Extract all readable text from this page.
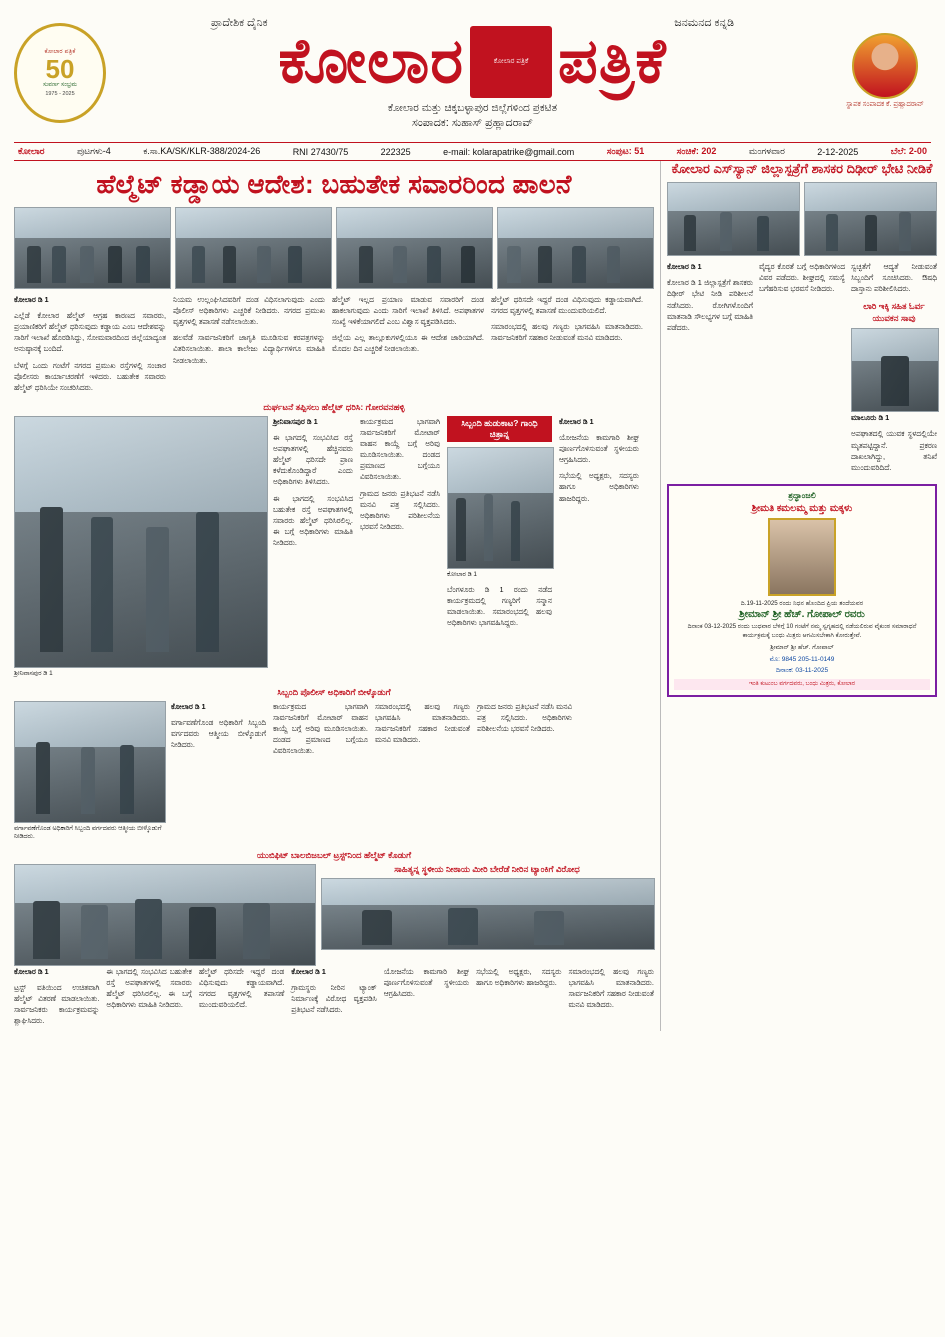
ಕೋಲಾರ ಪತ್ರಿಕೆ
50
ಸುವರ್ಣ ಸಂಭ್ರಮ
1975 - 2025
ಪ್ರಾದೇಶಿಕ ದೈನಿಕ	ಜನಮನದ ಕನ್ನಡಿ
ಕೋಲಾರ	ಕೋಲಾರ ಪತ್ರಿಕೆ ಪತ್ರಿಕೆ
ಕೋಲಾರ ಮತ್ತು ಚಿಕ್ಕಬಳ್ಳಾಪುರ ಜಿಲ್ಲೆಗಳಿಂದ ಪ್ರಕಟಿತ
ಸಂಪಾದಕ: ಸುಹಾಸ್ ಪ್ರಹ್ಲಾದರಾವ್
ಸ್ಥಾಪಕ ಸಂಪಾದಕ ಕೆ. ಪ್ರಹ್ಲಾದರಾವ್
ಕೋಲಾರ	ಪುಟಗಳು-4	ಕ.ಸಾ.KA/SK/KLR-388/2024-26	RNI 27430/75	222325	e-mail: kolarapatrike@gmail.com	ಸಂಪುಟ: 51	ಸಂಚಿಕೆ: 202	ಮಂಗಳವಾರ	2-12-2025	ಬೆಲೆ: 2-00
ಹೆಲ್ಮೆಟ್ ಕಡ್ಡಾಯ ಆದೇಶ: ಬಹುತೇಕ ಸವಾರರಿಂದ ಪಾಲನೆ

ಕೋಲಾರ ಡಿ 1

ಎಲ್ಲೆಡೆ ಕೋಲಾರ ಹೆಲ್ಮೆಟ್ ಆಗ್ರಹ ಕಾರಣದ ಸವಾರರು, ಪ್ರಯಾಣಿಕರಿಗೆ ಹೆಲ್ಮೆಟ್ ಧರಿಸುವುದು ಕಡ್ಡಾಯ ಎಂಬ ಆದೇಶವನ್ನು ಸಾರಿಗೆ ಇಲಾಖೆ ಹೊರಡಿಸಿದ್ದು, ಸೋಮವಾರದಿಂದ ಜಿಲ್ಲೆಯಾದ್ಯಂತ ಅನುಷ್ಠಾನಕ್ಕೆ ಬಂದಿದೆ.

ಬೆಳಗ್ಗೆ ಒಂದು ಗಂಟೆಗೆ ನಗರದ ಪ್ರಮುಖ ರಸ್ತೆಗಳಲ್ಲಿ ಸಂಚಾರ ಪೊಲೀಸರು ಕಾರ್ಯಾಚರಣೆಗೆ ಇಳಿದರು. ಬಹುತೇಕ ಸವಾರರು ಹೆಲ್ಮೆಟ್ ಧರಿಸಿಯೇ ಸಂಚರಿಸಿದರು.

ನಿಯಮ ಉಲ್ಲಂಘಿಸಿದವರಿಗೆ ದಂಡ ವಿಧಿಸಲಾಗುವುದು ಎಂದು ಪೊಲೀಸ್ ಅಧಿಕಾರಿಗಳು ಎಚ್ಚರಿಕೆ ನೀಡಿದರು. ನಗರದ ಪ್ರಮುಖ ವೃತ್ತಗಳಲ್ಲಿ ತಪಾಸಣೆ ನಡೆಸಲಾಯಿತು.

ಹಲವೆಡೆ ಸಾರ್ವಜನಿಕರಿಗೆ ಜಾಗೃತಿ ಮೂಡಿಸುವ ಕರಪತ್ರಗಳನ್ನು ವಿತರಿಸಲಾಯಿತು. ಶಾಲಾ ಕಾಲೇಜು ವಿದ್ಯಾರ್ಥಿಗಳಿಗೂ ಮಾಹಿತಿ ನೀಡಲಾಯಿತು.

ಹೆಲ್ಮೆಟ್ ಇಲ್ಲದ ಪ್ರಯಾಣ ಮಾಡುವ ಸವಾರರಿಗೆ ದಂಡ ಹಾಕಲಾಗುವುದು ಎಂದು ಸಾರಿಗೆ ಇಲಾಖೆ ತಿಳಿಸಿದೆ. ಅಪಘಾತಗಳ ಸಂಖ್ಯೆ ಇಳಿಕೆಯಾಗಲಿದೆ ಎಂಬ ವಿಶ್ವಾಸ ವ್ಯಕ್ತಪಡಿಸಿದರು.

ಜಿಲ್ಲೆಯ ಎಲ್ಲ ತಾಲ್ಲೂಕುಗಳಲ್ಲಿಯೂ ಈ ಆದೇಶ ಜಾರಿಯಾಗಿದೆ. ಮೊದಲ ದಿನ ಎಚ್ಚರಿಕೆ ನೀಡಲಾಯಿತು.

ಹೆಲ್ಮೆಟ್ ಧರಿಸದೇ ಇದ್ದರೆ ದಂಡ ವಿಧಿಸುವುದು ಕಡ್ಡಾಯವಾಗಿದೆ. ನಗರದ ವೃತ್ತಗಳಲ್ಲಿ ತಪಾಸಣೆ ಮುಂದುವರಿಯಲಿದೆ.

ಸಮಾರಂಭದಲ್ಲಿ ಹಲವು ಗಣ್ಯರು ಭಾಗವಹಿಸಿ ಮಾತನಾಡಿದರು. ಸಾರ್ವಜನಿಕರಿಗೆ ಸಹಕಾರ ನೀಡುವಂತೆ ಮನವಿ ಮಾಡಿದರು.

ದುರ್ಘಟನೆ ತಪ್ಪಿಸಲು ಹೆಲ್ಮೆಟ್ ಧರಿಸಿ: ಗೋರವನಹಳ್ಳಿ
ಶ್ರೀನಿವಾಸಪುರ ಡಿ 1

ಶ್ರೀನಿವಾಸಪುರ ಡಿ 1

ಈ ಭಾಗದಲ್ಲಿ ಸಂಭವಿಸಿದ ರಸ್ತೆ ಅಪಘಾತಗಳಲ್ಲಿ ಹೆಚ್ಚಿನವರು ಹೆಲ್ಮೆಟ್ ಧರಿಸದೇ ಪ್ರಾಣ ಕಳೆದುಕೊಂಡಿದ್ದಾರೆ ಎಂದು ಅಧಿಕಾರಿಗಳು ತಿಳಿಸಿದರು.

ಈ ಭಾಗದಲ್ಲಿ ಸಂಭವಿಸಿದ ಬಹುತೇಕ ರಸ್ತೆ ಅಪಘಾತಗಳಲ್ಲಿ ಸವಾರರು ಹೆಲ್ಮೆಟ್ ಧರಿಸಿರಲಿಲ್ಲ. ಈ ಬಗ್ಗೆ ಅಧಿಕಾರಿಗಳು ಮಾಹಿತಿ ನೀಡಿದರು.

ಕಾರ್ಯಕ್ರಮದ ಭಾಗವಾಗಿ ಸಾರ್ವಜನಿಕರಿಗೆ ಮೋಟಾರ್ ವಾಹನ ಕಾಯ್ದೆ ಬಗ್ಗೆ ಅರಿವು ಮೂಡಿಸಲಾಯಿತು. ದಂಡದ ಪ್ರಮಾಣದ ಬಗ್ಗೆಯೂ ವಿವರಿಸಲಾಯಿತು.

ಗ್ರಾಮದ ಜನರು ಪ್ರತಿಭಟನೆ ನಡೆಸಿ ಮನವಿ ಪತ್ರ ಸಲ್ಲಿಸಿದರು. ಅಧಿಕಾರಿಗಳು ಪರಿಶೀಲನೆಯ ಭರವಸೆ ನೀಡಿದರು.

ಸಿಬ್ಬಂದಿ ಹುಡುಕಾಟ? ಗಾಂಧಿ ಚಿತ್ರಾನ್ನ
ಕೋಲಾರ ಡಿ 1

ಬೆಂಗಳೂರು ಡಿ 1 ರಂದು ನಡೆದ ಕಾರ್ಯಕ್ರಮದಲ್ಲಿ ಗಣ್ಯರಿಗೆ ಸನ್ಮಾನ ಮಾಡಲಾಯಿತು. ಸಮಾರಂಭದಲ್ಲಿ ಹಲವು ಅಧಿಕಾರಿಗಳು ಭಾಗವಹಿಸಿದ್ದರು.

ಕೋಲಾರ ಡಿ 1

ಯೋಜನೆಯ ಕಾಮಗಾರಿ ಶೀಘ್ರ ಪೂರ್ಣಗೊಳಿಸುವಂತೆ ಸ್ಥಳೀಯರು ಆಗ್ರಹಿಸಿದರು.

ಸಭೆಯಲ್ಲಿ ಅಧ್ಯಕ್ಷರು, ಸದಸ್ಯರು ಹಾಗೂ ಅಧಿಕಾರಿಗಳು ಹಾಜರಿದ್ದರು.

ಸಿಬ್ಬಂದಿ ಪೊಲೀಸ್ ಅಧಿಕಾರಿಗೆ ಬೀಳ್ಕೊಡುಗೆ
ವರ್ಗಾವಣೆಗೊಂಡ ಅಧಿಕಾರಿಗೆ ಸಿಬ್ಬಂದಿ ವರ್ಗದವರು ಆತ್ಮೀಯ ಬೀಳ್ಕೊಡುಗೆ ನೀಡಿದರು.

ಕೋಲಾರ ಡಿ 1

ವರ್ಗಾವಣೆಗೊಂಡ ಅಧಿಕಾರಿಗೆ ಸಿಬ್ಬಂದಿ ವರ್ಗದವರು ಆತ್ಮೀಯ ಬೀಳ್ಕೊಡುಗೆ ನೀಡಿದರು.

ಕಾರ್ಯಕ್ರಮದ ಭಾಗವಾಗಿ ಸಾರ್ವಜನಿಕರಿಗೆ ಮೋಟಾರ್ ವಾಹನ ಕಾಯ್ದೆ ಬಗ್ಗೆ ಅರಿವು ಮೂಡಿಸಲಾಯಿತು. ದಂಡದ ಪ್ರಮಾಣದ ಬಗ್ಗೆಯೂ ವಿವರಿಸಲಾಯಿತು.

ಸಮಾರಂಭದಲ್ಲಿ ಹಲವು ಗಣ್ಯರು ಭಾಗವಹಿಸಿ ಮಾತನಾಡಿದರು. ಸಾರ್ವಜನಿಕರಿಗೆ ಸಹಕಾರ ನೀಡುವಂತೆ ಮನವಿ ಮಾಡಿದರು.

ಗ್ರಾಮದ ಜನರು ಪ್ರತಿಭಟನೆ ನಡೆಸಿ ಮನವಿ ಪತ್ರ ಸಲ್ಲಿಸಿದರು. ಅಧಿಕಾರಿಗಳು ಪರಿಶೀಲನೆಯ ಭರವಸೆ ನೀಡಿದರು.

ಯುಬಿಫಿಟ್ ಬಾಲಬಿಜಬಲ್ ಟ್ರಸ್ಟ್‌ನಿಂದ ಹೆಲ್ಮೆಟ್ ಕೊಡುಗೆ
ಸಾಹಿತ್ಯನ್ನ ಸ್ಥಳೀಯ ನೀಠಾಯ ಮೀರಿ ಬೇರೆಡೆ ನೀರಿನ ಟ್ಯಾಂಕಿಗೆ ವಿರೋಧ

ಕೋಲಾರ ಡಿ 1

ಟ್ರಸ್ಟ್ ವತಿಯಿಂದ ಉಚಿತವಾಗಿ ಹೆಲ್ಮೆಟ್ ವಿತರಣೆ ಮಾಡಲಾಯಿತು. ಸಾರ್ವಜನಿಕರು ಕಾರ್ಯಕ್ರಮವನ್ನು ಶ್ಲಾಘಿಸಿದರು.

ಈ ಭಾಗದಲ್ಲಿ ಸಂಭವಿಸಿದ ಬಹುತೇಕ ರಸ್ತೆ ಅಪಘಾತಗಳಲ್ಲಿ ಸವಾರರು ಹೆಲ್ಮೆಟ್ ಧರಿಸಿರಲಿಲ್ಲ. ಈ ಬಗ್ಗೆ ಅಧಿಕಾರಿಗಳು ಮಾಹಿತಿ ನೀಡಿದರು.

ಹೆಲ್ಮೆಟ್ ಧರಿಸದೇ ಇದ್ದರೆ ದಂಡ ವಿಧಿಸುವುದು ಕಡ್ಡಾಯವಾಗಿದೆ. ನಗರದ ವೃತ್ತಗಳಲ್ಲಿ ತಪಾಸಣೆ ಮುಂದುವರಿಯಲಿದೆ.

ಕೋಲಾರ ಡಿ 1

ಗ್ರಾಮಸ್ಥರು ನೀರಿನ ಟ್ಯಾಂಕ್ ನಿರ್ಮಾಣಕ್ಕೆ ವಿರೋಧ ವ್ಯಕ್ತಪಡಿಸಿ ಪ್ರತಿಭಟನೆ ನಡೆಸಿದರು.

ಯೋಜನೆಯ ಕಾಮಗಾರಿ ಶೀಘ್ರ ಪೂರ್ಣಗೊಳಿಸುವಂತೆ ಸ್ಥಳೀಯರು ಆಗ್ರಹಿಸಿದರು.

ಸಭೆಯಲ್ಲಿ ಅಧ್ಯಕ್ಷರು, ಸದಸ್ಯರು ಹಾಗೂ ಅಧಿಕಾರಿಗಳು ಹಾಜರಿದ್ದರು.

ಸಮಾರಂಭದಲ್ಲಿ ಹಲವು ಗಣ್ಯರು ಭಾಗವಹಿಸಿ ಮಾತನಾಡಿದರು. ಸಾರ್ವಜನಿಕರಿಗೆ ಸಹಕಾರ ನೀಡುವಂತೆ ಮನವಿ ಮಾಡಿದರು.

ಕೋಲಾರ ಎಸ್‌ಸ್ಯಾನ್ ಜಿಲ್ಲಾಸ್ಪತ್ರೆಗೆ ಶಾಸಕರ ದಿಢೀರ್ ಭೇಟಿ ನೀಡಿಕೆ

ಕೋಲಾರ ಡಿ 1

ಕೋಲಾರ ಡಿ 1 ಜಿಲ್ಲಾಸ್ಪತ್ರೆಗೆ ಶಾಸಕರು ದಿಢೀರ್ ಭೇಟಿ ನೀಡಿ ಪರಿಶೀಲನೆ ನಡೆಸಿದರು. ರೋಗಿಗಳೊಂದಿಗೆ ಮಾತನಾಡಿ ಸೌಲಭ್ಯಗಳ ಬಗ್ಗೆ ಮಾಹಿತಿ ಪಡೆದರು.

ವೈದ್ಯರ ಕೊರತೆ ಬಗ್ಗೆ ಅಧಿಕಾರಿಗಳಿಂದ ವಿವರ ಪಡೆದರು. ಶೀಘ್ರದಲ್ಲಿ ಸಮಸ್ಯೆ ಬಗೆಹರಿಸುವ ಭರವಸೆ ನೀಡಿದರು.

ಸ್ವಚ್ಛತೆಗೆ ಆದ್ಯತೆ ನೀಡುವಂತೆ ಸಿಬ್ಬಂದಿಗೆ ಸೂಚಿಸಿದರು. ಔಷಧಿ ದಾಸ್ತಾನು ಪರಿಶೀಲಿಸಿದರು.

ಲಾರಿ ಇಕ್ಕಿ ಸಹಿತ ಓರ್ವ ಯುವಕನ ಸಾವು

ಮಾಲೂರು ಡಿ 1

ಅಪಘಾತದಲ್ಲಿ ಯುವಕ ಸ್ಥಳದಲ್ಲಿಯೇ ಮೃತಪಟ್ಟಿದ್ದಾನೆ. ಪ್ರಕರಣ ದಾಖಲಾಗಿದ್ದು, ತನಿಖೆ ಮುಂದುವರಿದಿದೆ.

ಶ್ರದ್ಧಾಂಜಲಿ
ಶ್ರೀಮತಿ ಕಮಲಮ್ಮ ಮತ್ತು ಮಕ್ಕಳು
ದಿ.19-11-2025 ರಂದು ನಿಧನ ಹೊಂದಿದ ಪ್ರಿಯ ತಂದೆಯವರ
ಶ್ರೀಮಾನ್ ಶ್ರೀ ಹೆಚ್. ಗೋಪಾಲ್ ರವರು
ದಿನಾಂಕ 03-12-2025 ರಂದು ಬುಧವಾರ ಬೆಳಿಗ್ಗೆ 10 ಗಂಟೆಗೆ ನಮ್ಮ ಸ್ವಗೃಹದಲ್ಲಿ ನಡೆಯಲಿರುವ ವೈಕುಂಠ ಸಮಾರಾಧನೆ ಕಾರ್ಯಕ್ರಮಕ್ಕೆ ಬಂಧು ಮಿತ್ರರು ಆಗಮಿಸಬೇಕಾಗಿ ಕೋರುತ್ತೇವೆ.
ಶ್ರೀಮಾನ್ ಶ್ರೀ ಹೆಚ್. ಗೋಪಾಲ್
ಮೊ: 9845 205-11-0149
ದಿನಾಂಕ: 03-11-2025
ಇಂತಿ ಕುಟುಂಬ ವರ್ಗದವರು, ಬಂಧು ಮಿತ್ರರು, ಕೋಲಾರ
